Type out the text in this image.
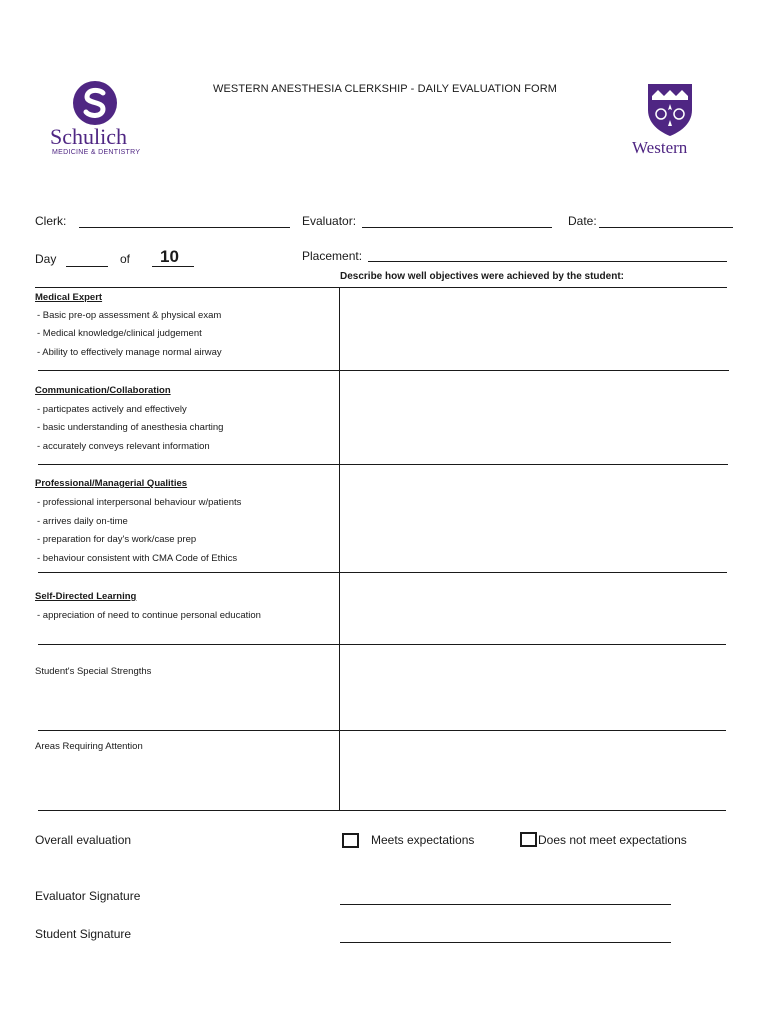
WESTERN ANESTHESIA CLERKSHIP - DAILY EVALUATION FORM
Schulich
MEDICINE & DENTISTRY	Western
Clerk:	Evaluator:	Date:
Day	of 10	Placement:
Describe how well objectives were achieved by the student:
Medical Expert
- Basic pre-op assessment & physical exam
- Medical knowledge/clinical judgement
- Ability to effectively manage normal airway
Communication/Collaboration
- particpates actively and effectively
- basic understanding of anesthesia charting
- accurately conveys relevant information
Professional/Managerial Qualities
- professional interpersonal behaviour w/patients
- arrives daily on-time
- preparation for day's work/case prep
- behaviour consistent with CMA Code of Ethics
Self-Directed Learning
- appreciation of need to continue personal education
Student's Special Strengths
Areas Requiring Attention
Overall evaluation	Meets expectations	Does not meet expectations
Evaluator Signature
Student Signature
